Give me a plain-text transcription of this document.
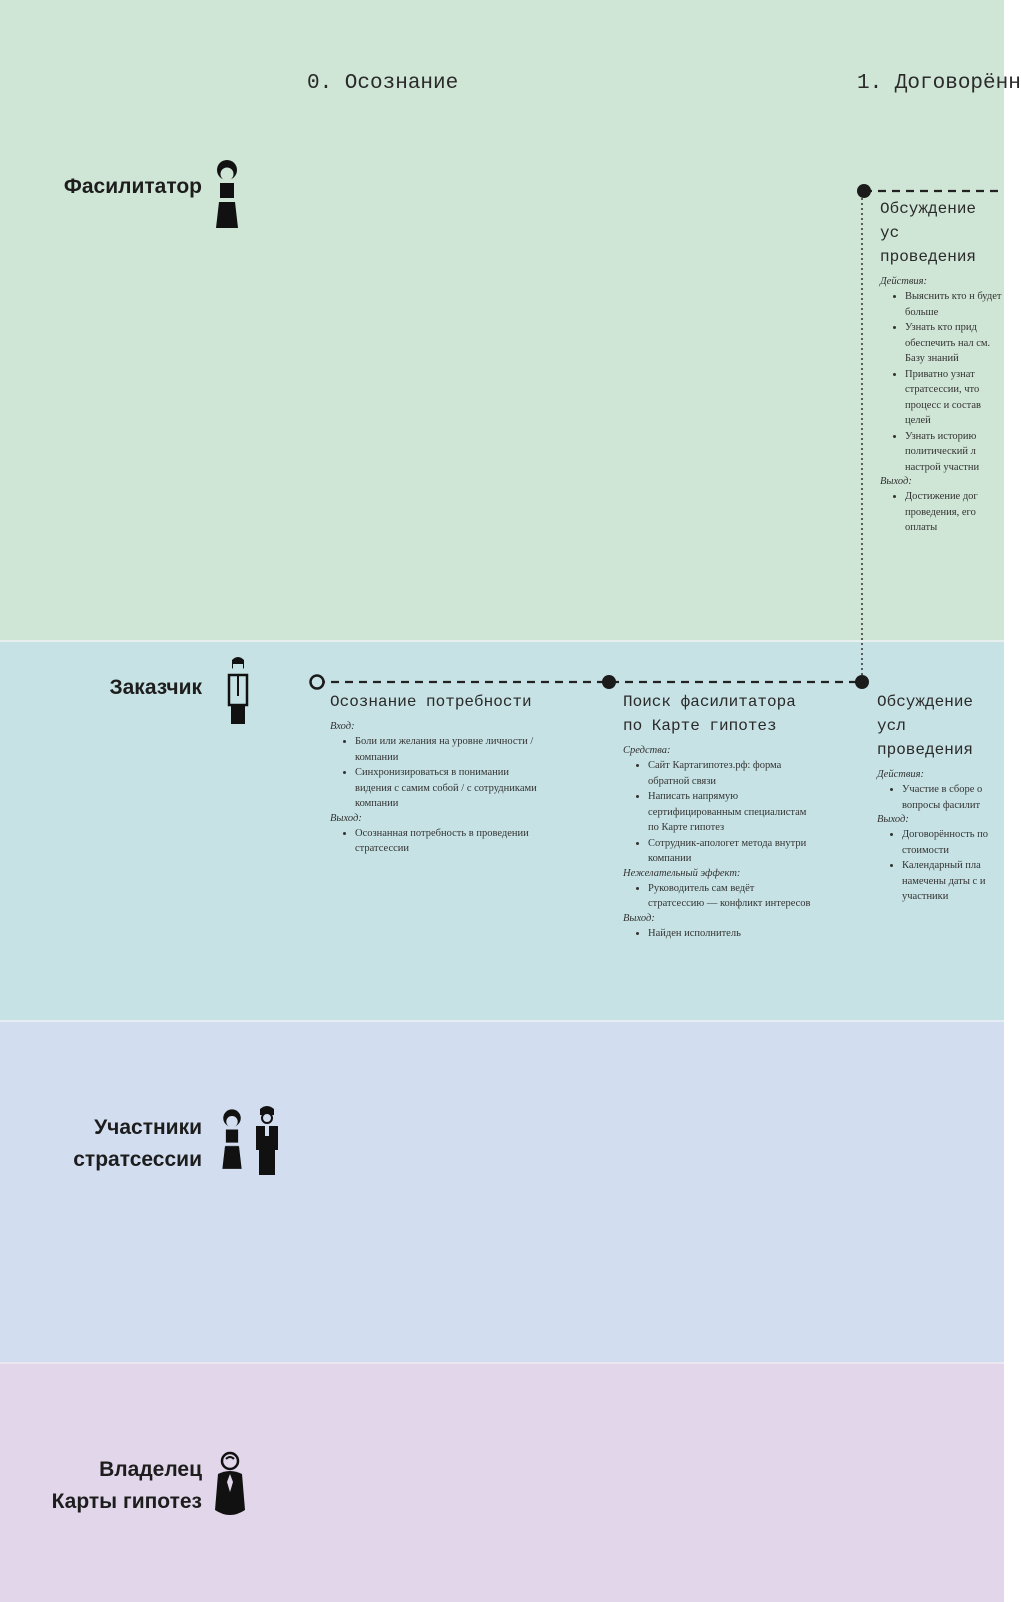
0. Осознание	1. Договорённ
Фасилитатор
Заказчик
Участники
стратсессии
Владелец
Карты гипотез
Обсуждение ус
проведения
Действия:
• Выяснить кто н будет больше
• Узнать кто прид обеспечить нал см. Базу знаний
• Приватно узнат стратсессии, что процесс и состав целей
• Узнать историю политический л настрой участни
Выход:
• Достижение дог проведения, его оплаты
Осознание потребности
Вход:
• Боли или желания на уровне личности /компании
• Синхронизироваться в понимании видения с самим собой / с сотрудниками компании
Выход:
• Осознанная потребность в проведении стратсессии
Поиск фасилитатора
по Карте гипотез
Средства:
• Сайт Картагипотез.рф: форма обратной связи
• Написать напрямую сертифицированным специалистам по Карте гипотез
• Сотрудник-апологет метода внутри компании
Нежелательный эффект:
• Руководитель сам ведёт стратсессию — конфликт интересов
Выход:
• Найден исполнитель
Обсуждение усл
проведения
Действия:
• Участие в сборе о вопросы фасилит
Выход:
• Договорённость по стоимости
• Календарный пла намечены даты с и участники
